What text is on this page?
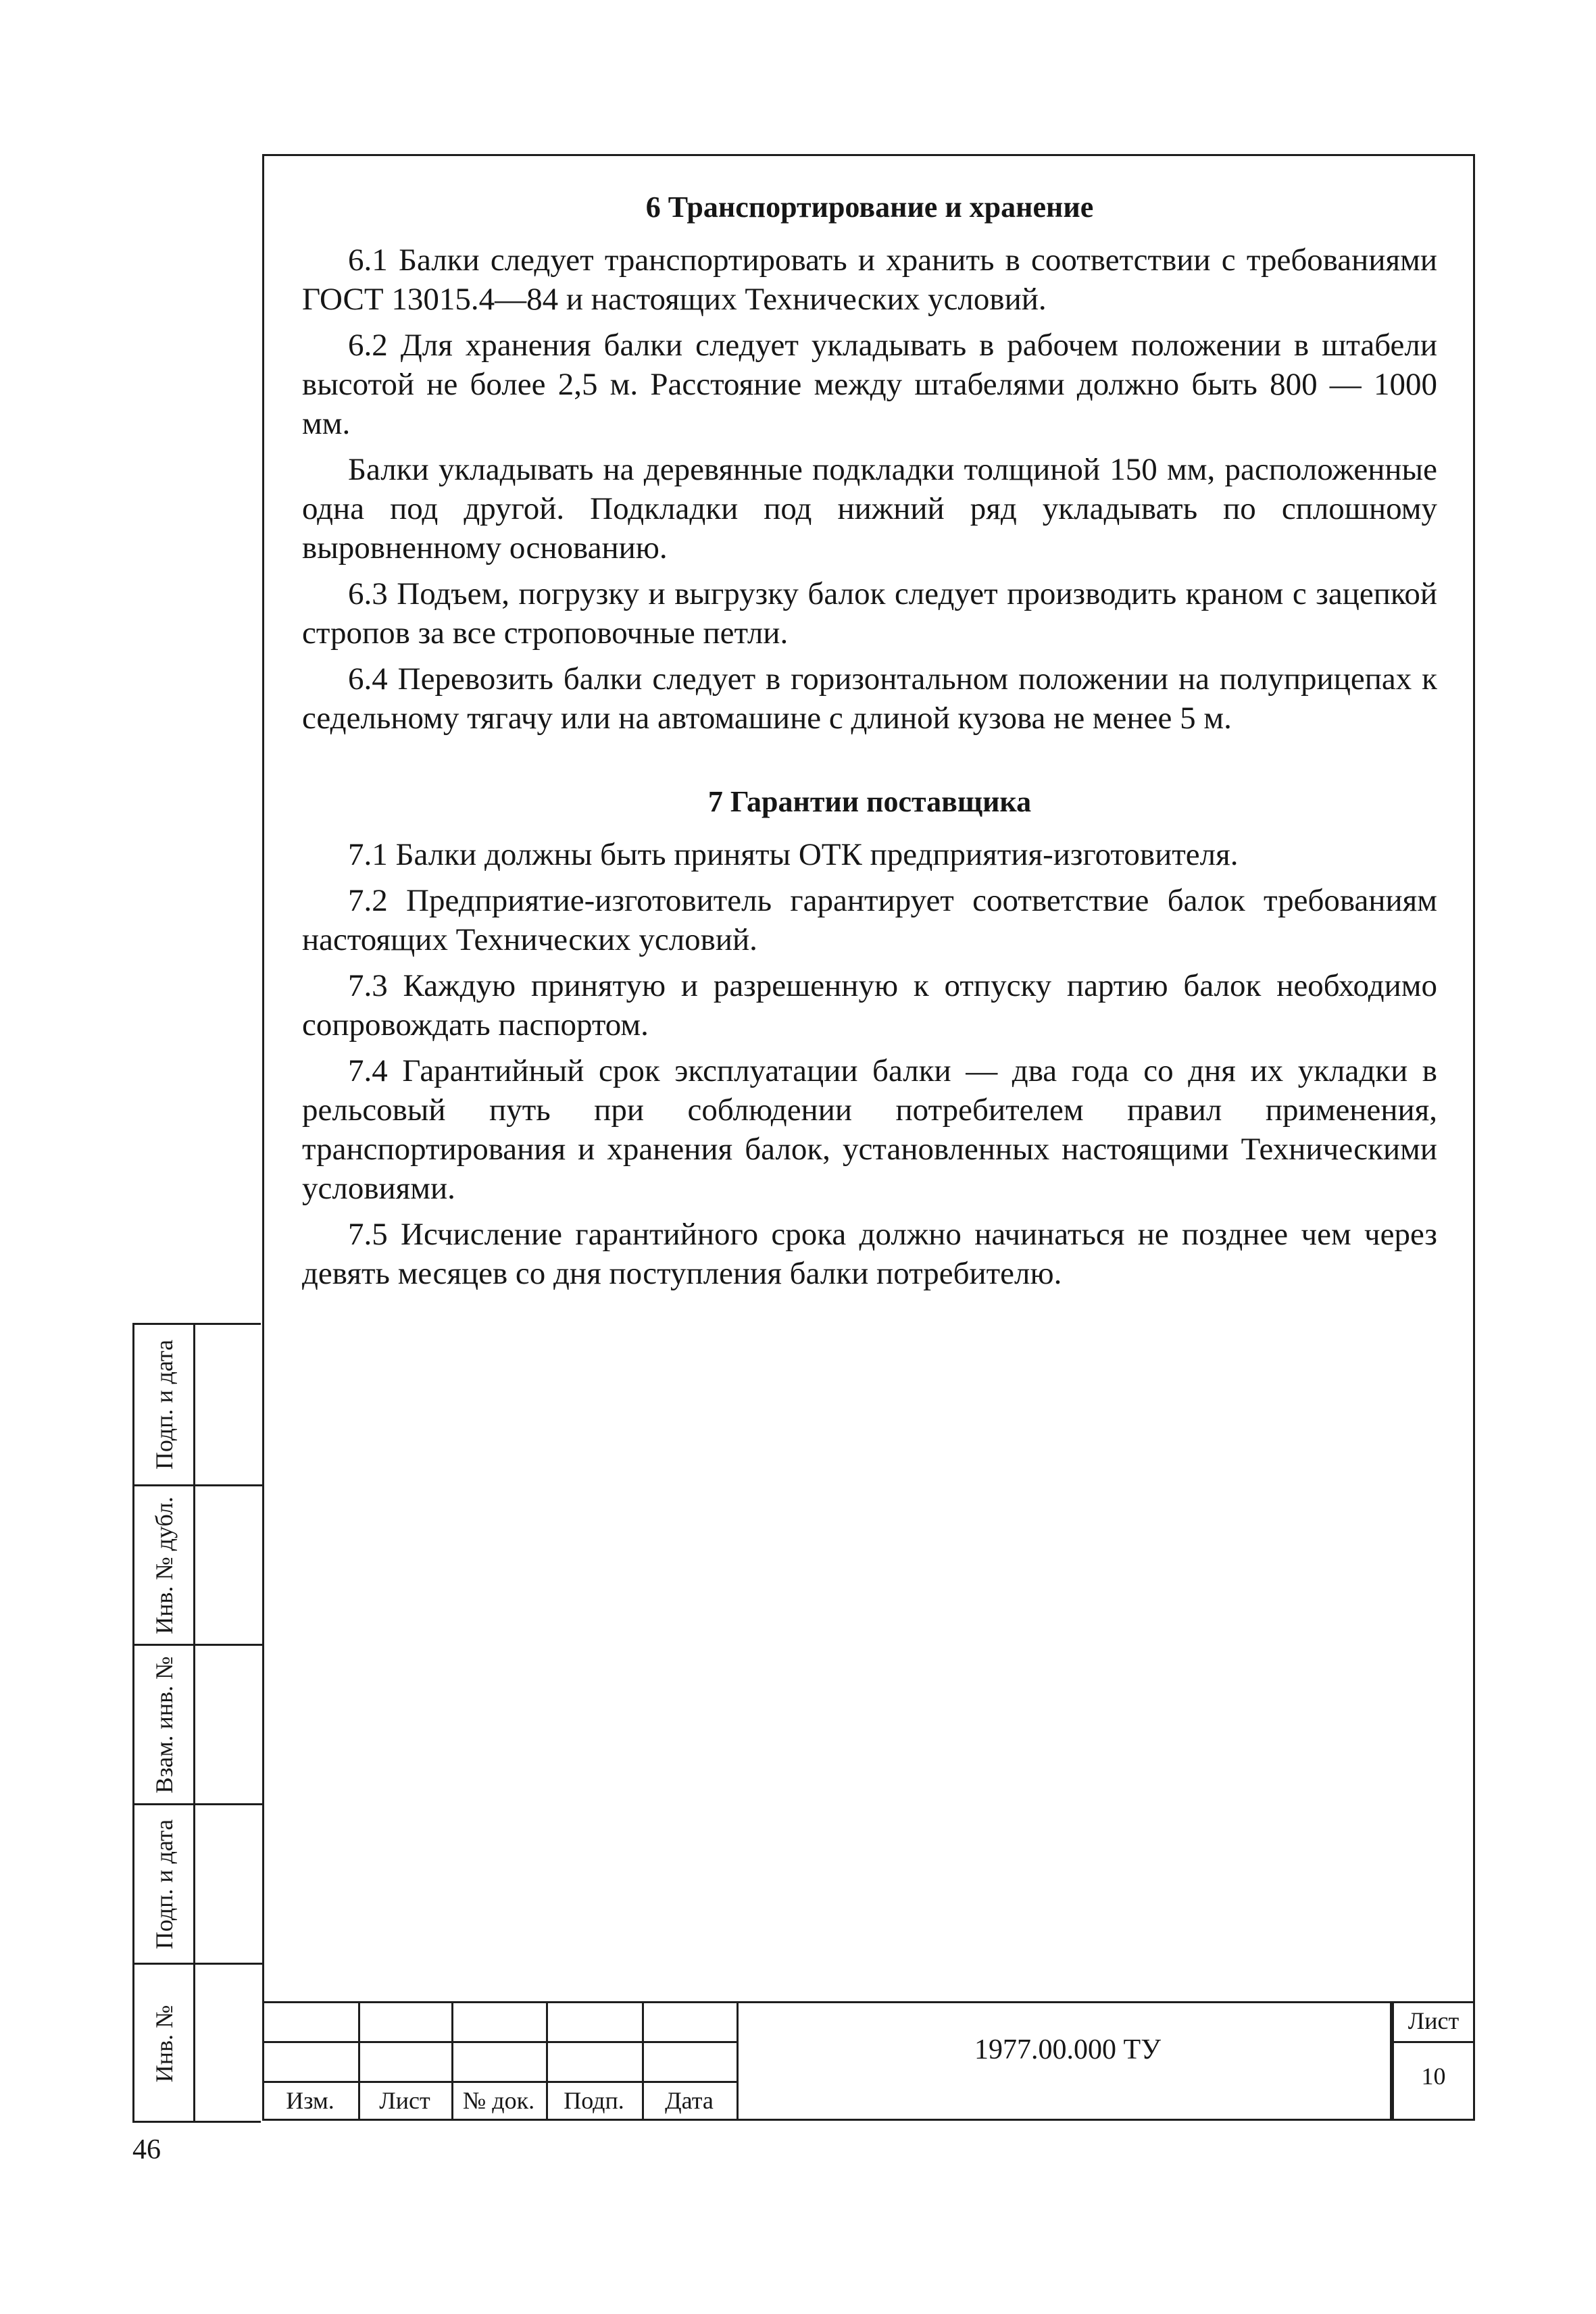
6 Транспортирование и хранение

6.1 Балки следует транспортировать и хранить в соответствии с требованиями ГОСТ 13015.4—84 и настоящих Технических условий.

6.2 Для хранения балки следует укладывать в рабочем положении в штабели высотой не более 2,5 м. Расстояние между штабелями должно быть 800 — 1000 мм.

Балки укладывать на деревянные подкладки толщиной 150 мм, расположенные одна под другой. Подкладки под нижний ряд укладывать по сплошному выровненному основанию.

6.3 Подъем, погрузку и выгрузку балок следует производить краном с зацепкой стропов за все строповочные петли.

6.4 Перевозить балки следует в горизонтальном положении на полуприцепах к седельному тягачу или на автомашине с длиной кузова не менее 5 м.

7 Гарантии поставщика

7.1 Балки должны быть приняты ОТК предприятия-изготовителя.

7.2 Предприятие-изготовитель гарантирует соответствие балок требованиям настоящих Технических условий.

7.3 Каждую принятую и разрешенную к отпуску партию балок необходимо сопровождать паспортом.

7.4 Гарантийный срок эксплуатации балки — два года со дня их укладки в рельсовый путь при соблюдении потребителем правил применения, транспортирования и хранения балок, установленных настоящими Техническими условиями.

7.5 Исчисление гарантийного срока должно начинаться не позднее чем через девять месяцев со дня поступления балки потребителю.

Подп. и дата
Инв. № дубл.
Взам. инв. №
Подп. и дата
Инв. №
Изм.	Лист	№ док.	Подп.	Дата
Лист
10
1977.00.000 ТУ
46
